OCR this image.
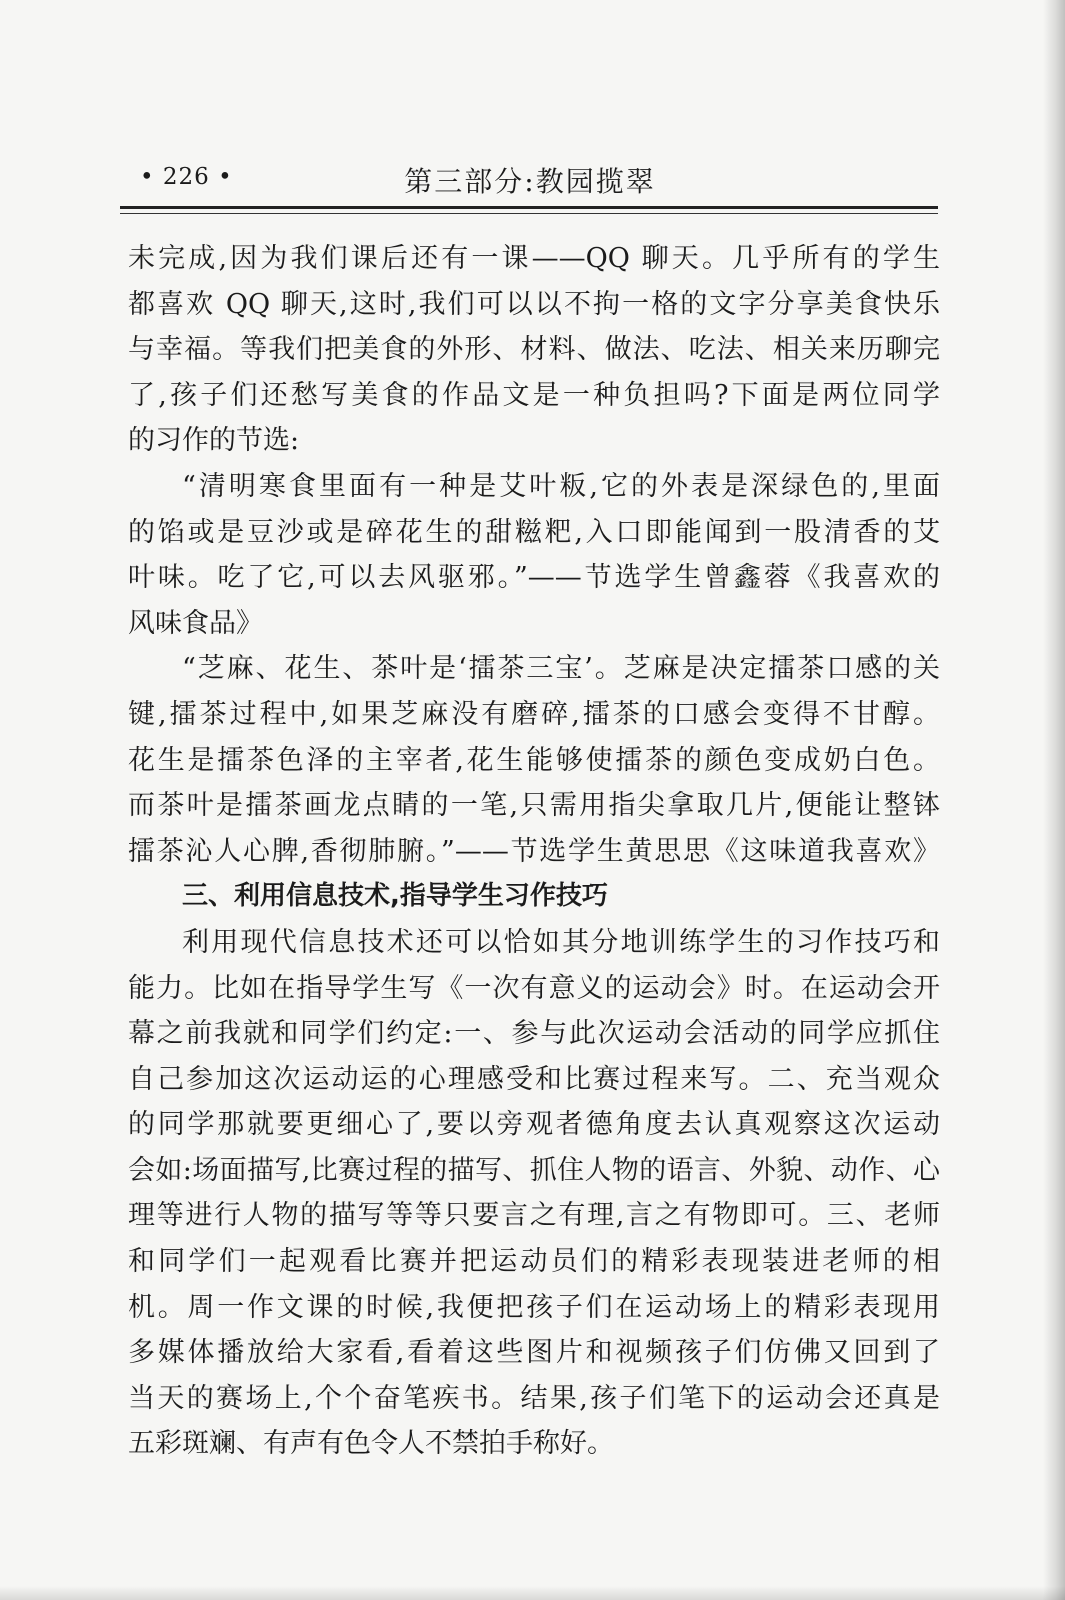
• 226 •	第三部分:教园揽翠
未完成,因为我们课后还有一课——QQ 聊天。几乎所有的学生
都喜欢 QQ 聊天,这时,我们可以以不拘一格的文字分享美食快乐
与幸福。等我们把美食的外形、材料、做法、吃法、相关来历聊完
了,孩子们还愁写美食的作品文是一种负担吗?下面是两位同学
的习作的节选:
“清明寒食里面有一种是艾叶粄,它的外表是深绿色的,里面
的馅或是豆沙或是碎花生的甜糍粑,入口即能闻到一股清香的艾
叶味。吃了它,可以去风驱邪。”——节选学生曾鑫蓉《我喜欢的
风味食品》
“芝麻、花生、茶叶是‘擂茶三宝’。芝麻是决定擂茶口感的关
键,擂茶过程中,如果芝麻没有磨碎,擂茶的口感会变得不甘醇。
花生是擂茶色泽的主宰者,花生能够使擂茶的颜色变成奶白色。
而茶叶是擂茶画龙点睛的一笔,只需用指尖拿取几片,便能让整钵
擂茶沁人心脾,香彻肺腑。”——节选学生黄思思《这味道我喜欢》
三、利用信息技术,指导学生习作技巧
利用现代信息技术还可以恰如其分地训练学生的习作技巧和
能力。比如在指导学生写《一次有意义的运动会》时。在运动会开
幕之前我就和同学们约定:一、参与此次运动会活动的同学应抓住
自己参加这次运动运的心理感受和比赛过程来写。二、充当观众
的同学那就要更细心了,要以旁观者德角度去认真观察这次运动
会如:场面描写,比赛过程的描写、抓住人物的语言、外貌、动作、心
理等进行人物的描写等等只要言之有理,言之有物即可。三、老师
和同学们一起观看比赛并把运动员们的精彩表现装进老师的相
机。周一作文课的时候,我便把孩子们在运动场上的精彩表现用
多媒体播放给大家看,看着这些图片和视频孩子们仿佛又回到了
当天的赛场上,个个奋笔疾书。结果,孩子们笔下的运动会还真是
五彩斑斓、有声有色令人不禁拍手称好。
